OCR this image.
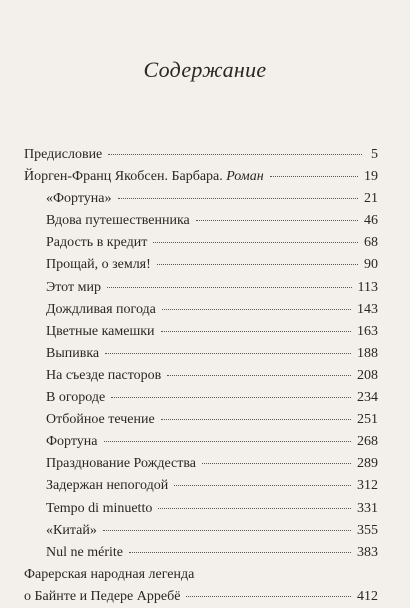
Содержание
Предисловие	5
Йорген-Франц Якобсен. Барбара. Роман	19
«Фортуна»	21
Вдова путешественника	46
Радость в кредит	68
Прощай, о земля!	90
Этот мир	113
Дождливая погода	143
Цветные камешки	163
Выпивка	188
На съезде пасторов	208
В огороде	234
Отбойное течение	251
Фортуна	268
Празднование Рождества	289
Задержан непогодой	312
Tempo di minuetto	331
«Китай»	355
Nul ne mérite	383
Фарерская народная легенда
о Байнте и Педере Арребё	412
